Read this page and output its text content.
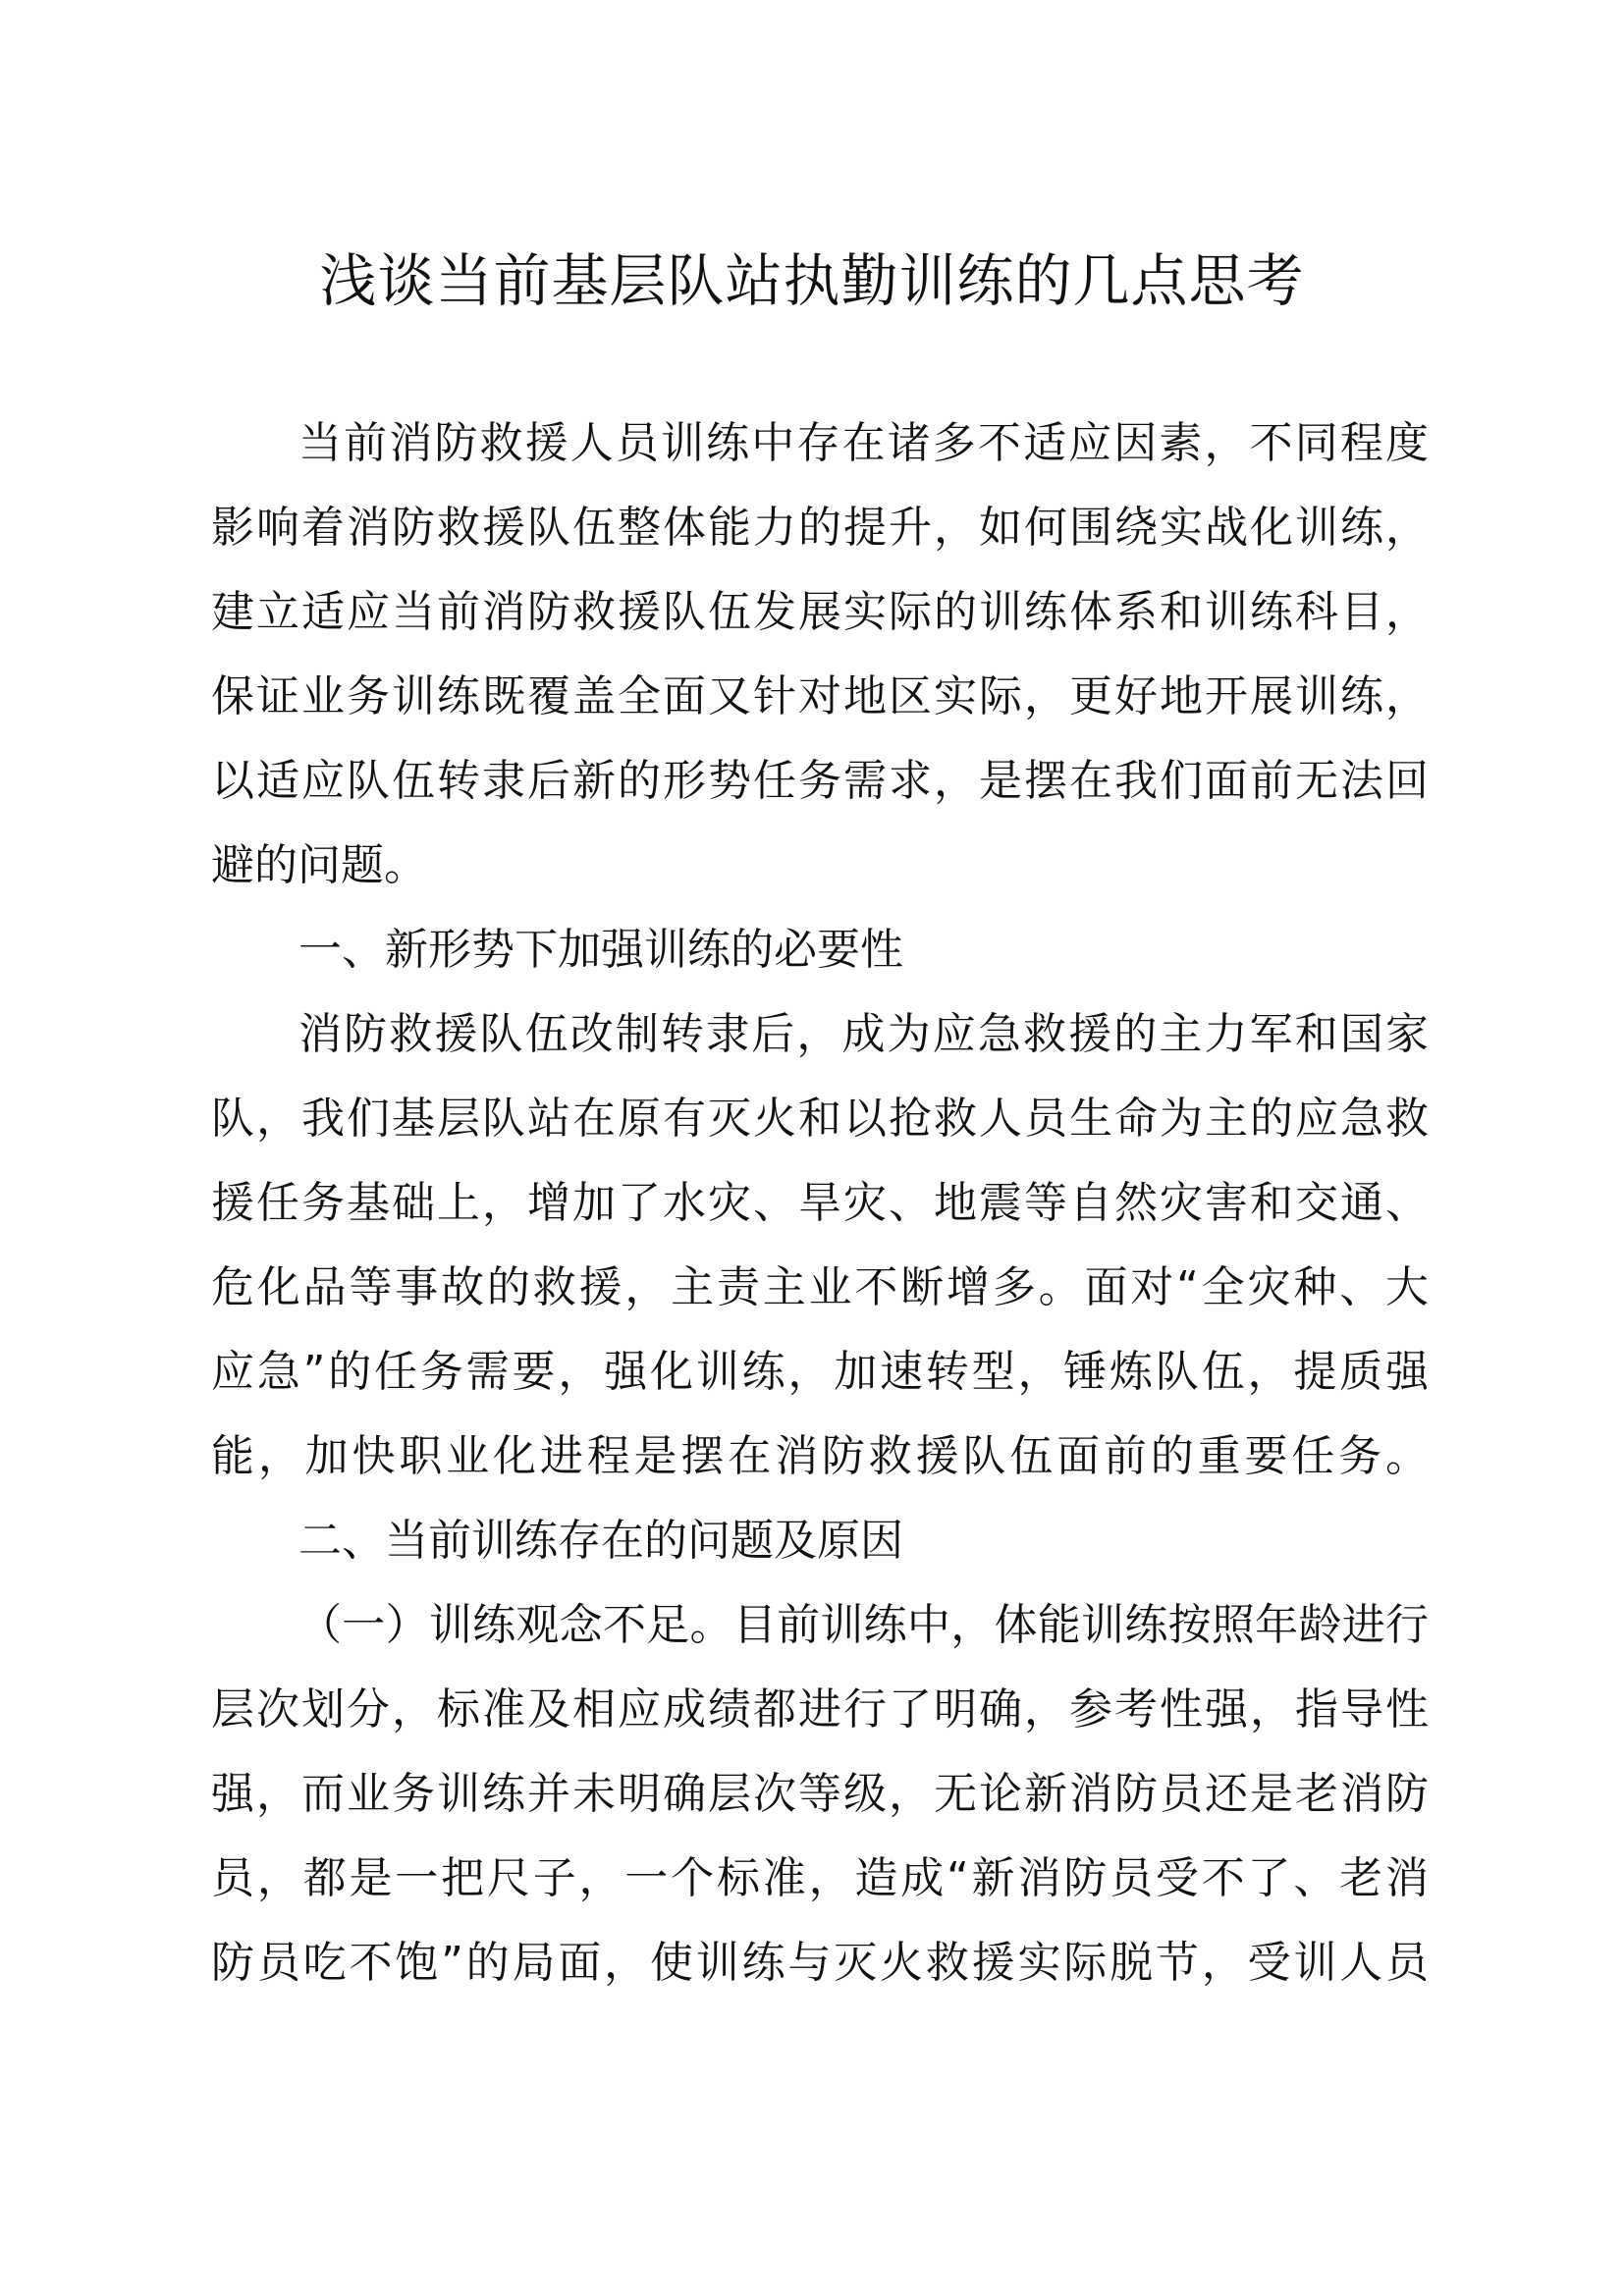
浅谈当前基层队站执勤训练的几点思考

当前消防救援人员训练中存在诸多不适应因素，不同程度

影响着消防救援队伍整体能力的提升，如何围绕实战化训练，

建立适应当前消防救援队伍发展实际的训练体系和训练科目，

保证业务训练既覆盖全面又针对地区实际，更好地开展训练，

以适应队伍转隶后新的形势任务需求，是摆在我们面前无法回

避的问题。

一、新形势下加强训练的必要性

消防救援队伍改制转隶后，成为应急救援的主力军和国家

队，我们基层队站在原有灭火和以抢救人员生命为主的应急救

援任务基础上，增加了水灾、旱灾、地震等自然灾害和交通、

危化品等事故的救援，主责主业不断增多。面对“全灾种、大

应急”的任务需要，强化训练，加速转型，锤炼队伍，提质强

能，加快职业化进程是摆在消防救援队伍面前的重要任务。

二、当前训练存在的问题及原因

（一）训练观念不足。目前训练中，体能训练按照年龄进行

层次划分，标准及相应成绩都进行了明确，参考性强，指导性

强，而业务训练并未明确层次等级，无论新消防员还是老消防

员，都是一把尺子，一个标准，造成“新消防员受不了、老消

防员吃不饱”的局面，使训练与灭火救援实际脱节，受训人员
